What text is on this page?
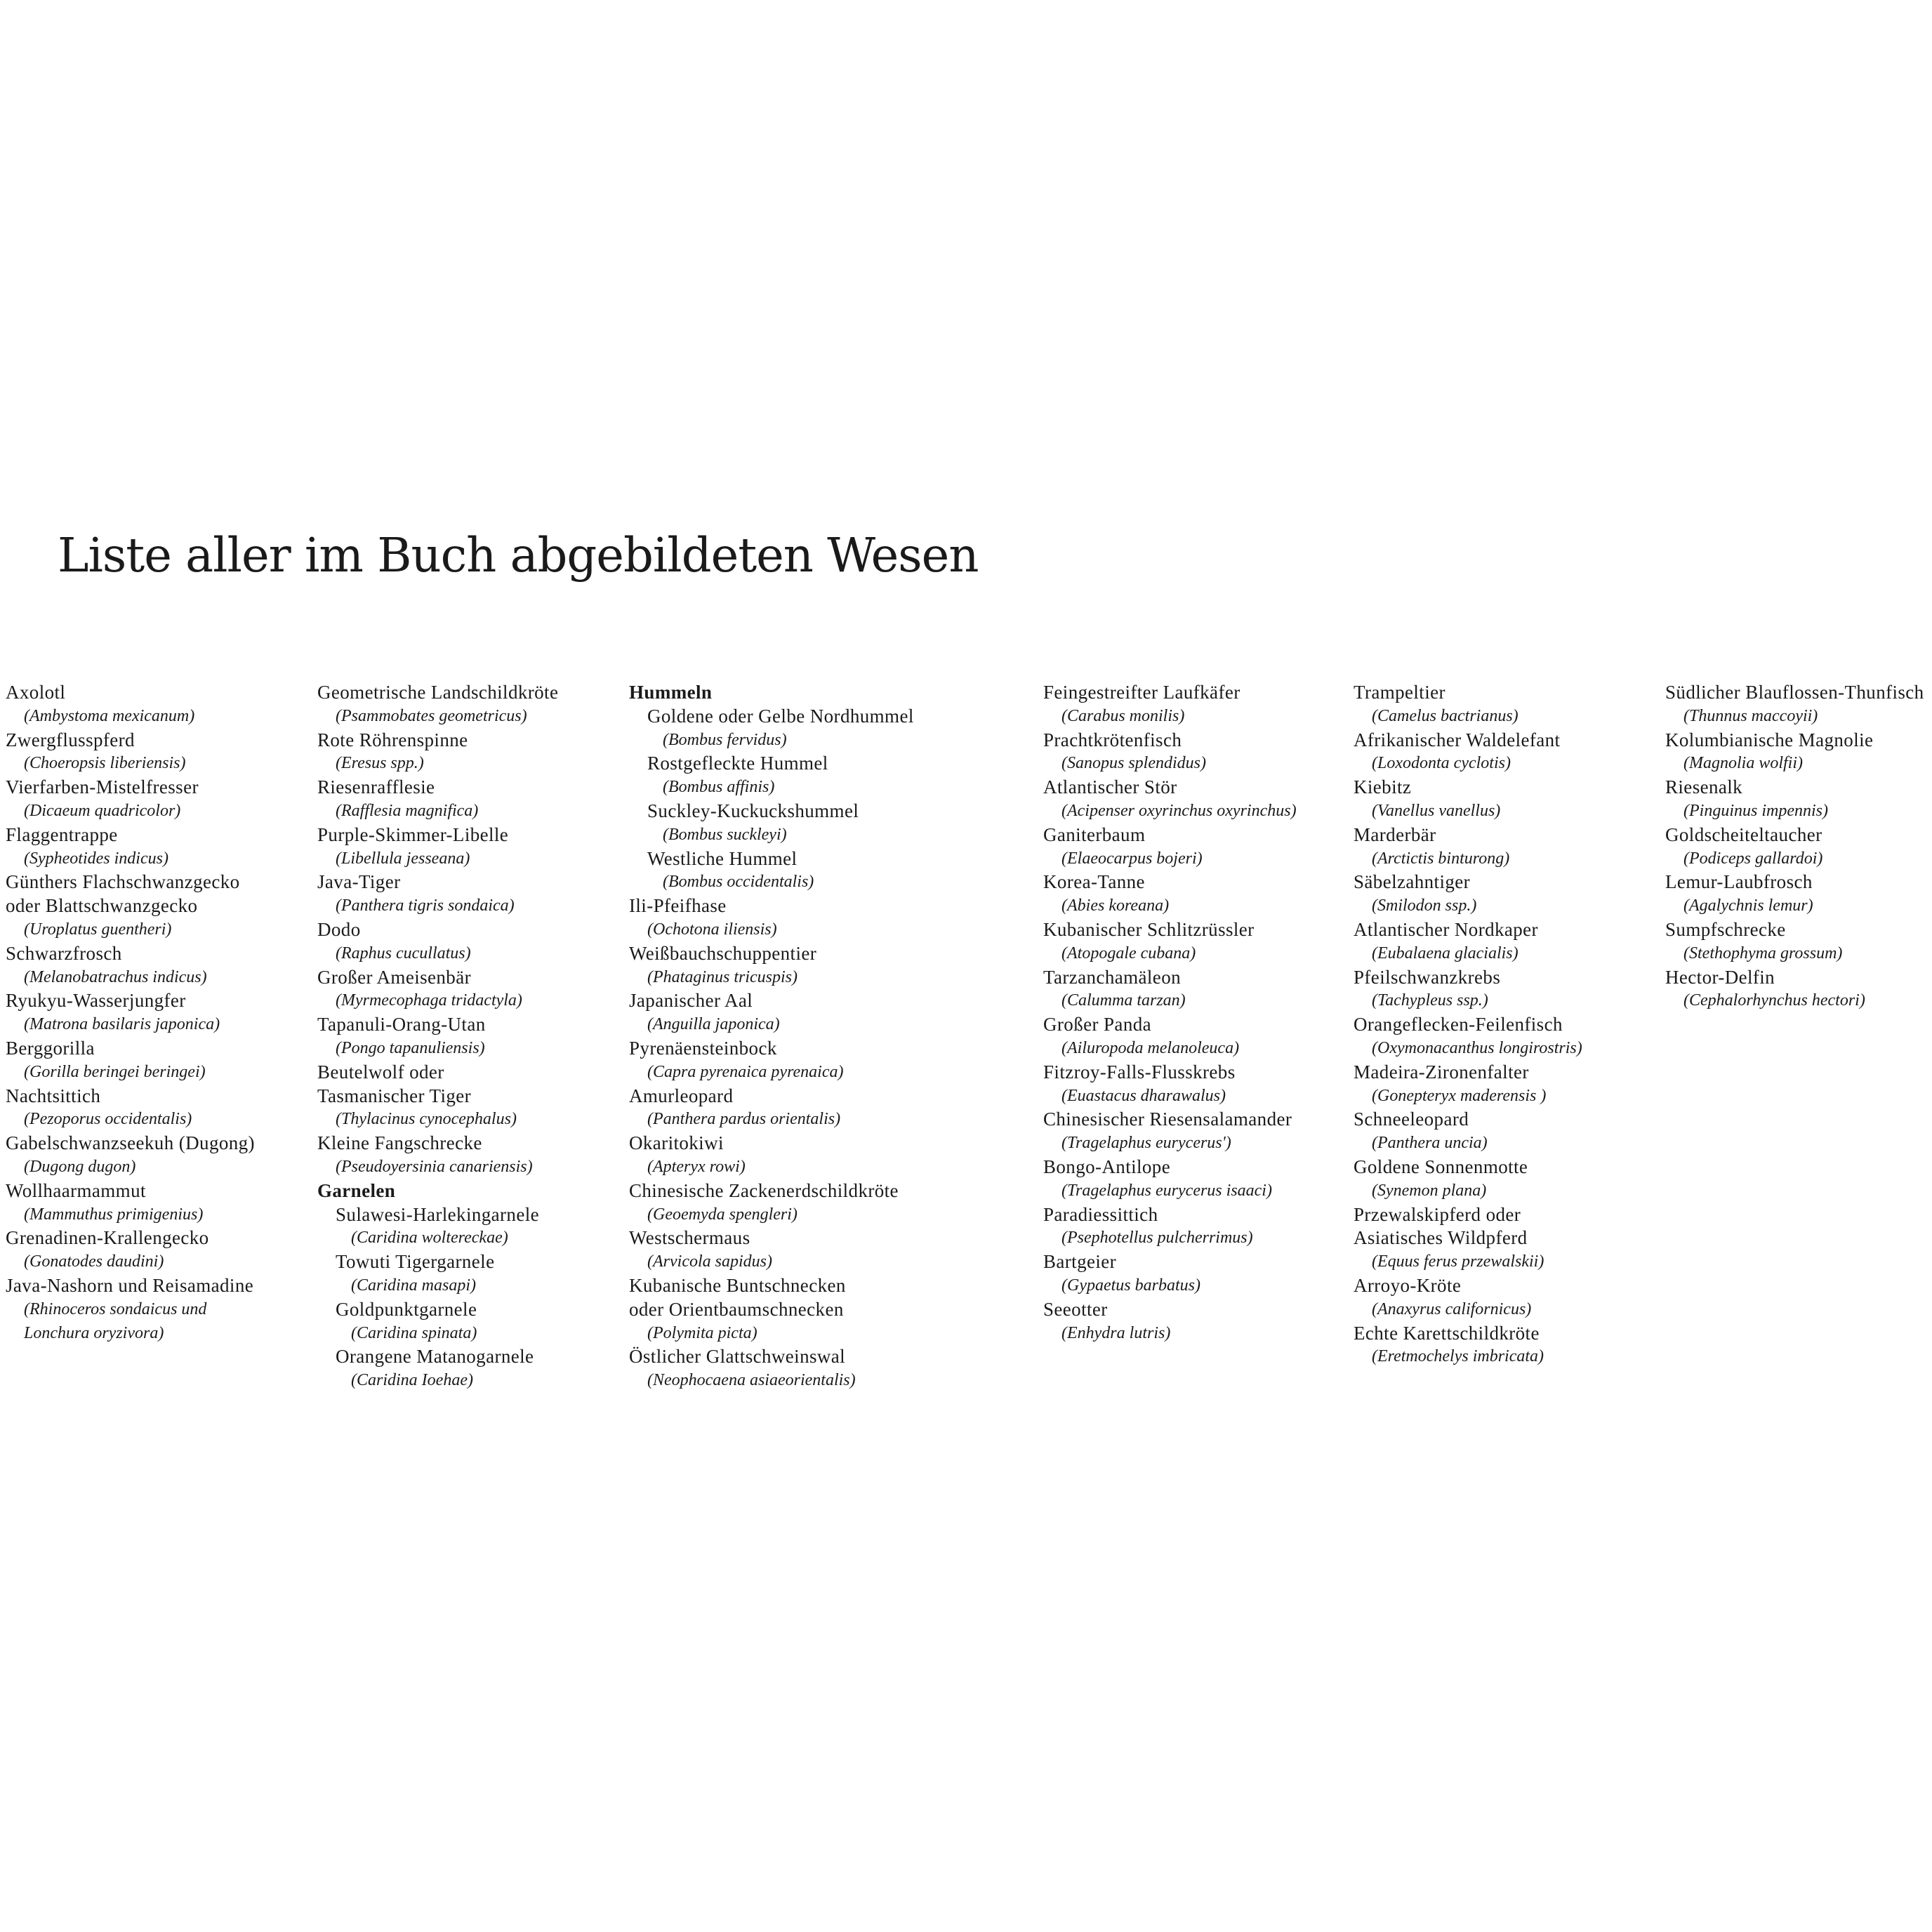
Liste aller im Buch abgebildeten Wesen
Axolotl
(Ambystoma mexicanum)
Zwergflusspferd
(Choeropsis liberiensis)
Vierfarben-Mistelfresser
(Dicaeum quadricolor)
Flaggentrappe
(Sypheotides indicus)
Günthers Flachschwanzgecko
oder Blattschwanzgecko
(Uroplatus guentheri)
Schwarzfrosch
(Melanobatrachus indicus)
Ryukyu-Wasserjungfer
(Matrona basilaris japonica)
Berggorilla
(Gorilla beringei beringei)
Nachtsittich
(Pezoporus occidentalis)
Gabelschwanzseekuh (Dugong)
(Dugong dugon)
Wollhaarmammut
(Mammuthus primigenius)
Grenadinen-Krallengecko
(Gonatodes daudini)
Java-Nashorn und Reisamadine
(Rhinoceros sondaicus und
Lonchura oryzivora)
Geometrische Landschildkröte
(Psammobates geometricus)
Rote Röhrenspinne
(Eresus spp.)
Riesenrafflesie
(Rafflesia magnifica)
Purple-Skimmer-Libelle
(Libellula jesseana)
Java-Tiger
(Panthera tigris sondaica)
Dodo
(Raphus cucullatus)
Großer Ameisenbär
(Myrmecophaga tridactyla)
Tapanuli-Orang-Utan
(Pongo tapanuliensis)
Beutelwolf oder
Tasmanischer Tiger
(Thylacinus cynocephalus)
Kleine Fangschrecke
(Pseudoyersinia canariensis)
Garnelen
Sulawesi-Harlekingarnele
(Caridina woltereckae)
Towuti Tigergarnele
(Caridina masapi)
Goldpunktgarnele
(Caridina spinata)
Orangene Matanogarnele
(Caridina Ioehae)
Hummeln
Goldene oder Gelbe Nordhummel
(Bombus fervidus)
Rostgefleckte Hummel
(Bombus affinis)
Suckley-Kuckuckshummel
(Bombus suckleyi)
Westliche Hummel
(Bombus occidentalis)
Ili-Pfeifhase
(Ochotona iliensis)
Weißbauchschuppentier
(Phataginus tricuspis)
Japanischer Aal
(Anguilla japonica)
Pyrenäensteinbock
(Capra pyrenaica pyrenaica)
Amurleopard
(Panthera pardus orientalis)
Okaritokiwi
(Apteryx rowi)
Chinesische Zackenerdschildkröte
(Geoemyda spengleri)
Westschermaus
(Arvicola sapidus)
Kubanische Buntschnecken
oder Orientbaumschnecken
(Polymita picta)
Östlicher Glattschweinswal
(Neophocaena asiaeorientalis)
Feingestreifter Laufkäfer
(Carabus monilis)
Prachtkrötenfisch
(Sanopus splendidus)
Atlantischer Stör
(Acipenser oxyrinchus oxyrinchus)
Ganiterbaum
(Elaeocarpus bojeri)
Korea-Tanne
(Abies koreana)
Kubanischer Schlitzrüssler
(Atopogale cubana)
Tarzanchamäleon
(Calumma tarzan)
Großer Panda
(Ailuropoda melanoleuca)
Fitzroy-Falls-Flusskrebs
(Euastacus dharawalus)
Chinesischer Riesensalamander
(Tragelaphus eurycerus')
Bongo-Antilope
(Tragelaphus eurycerus isaaci)
Paradiessittich
(Psephotellus pulcherrimus)
Bartgeier
(Gypaetus barbatus)
Seeotter
(Enhydra lutris)
Trampeltier
(Camelus bactrianus)
Afrikanischer Waldelefant
(Loxodonta cyclotis)
Kiebitz
(Vanellus vanellus)
Marderbär
(Arctictis binturong)
Säbelzahntiger
(Smilodon ssp.)
Atlantischer Nordkaper
(Eubalaena glacialis)
Pfeilschwanzkrebs
(Tachypleus ssp.)
Orangeflecken-Feilenfisch
(Oxymonacanthus longirostris)
Madeira-Zironenfalter
(Gonepteryx maderensis )
Schneeleopard
(Panthera uncia)
Goldene Sonnenmotte
(Synemon plana)
Przewalskipferd oder
Asiatisches Wildpferd
(Equus ferus przewalskii)
Arroyo-Kröte
(Anaxyrus californicus)
Echte Karettschildkröte
(Eretmochelys imbricata)
Südlicher Blauflossen-Thunfisch
(Thunnus maccoyii)
Kolumbianische Magnolie
(Magnolia wolfii)
Riesenalk
(Pinguinus impennis)
Goldscheiteltaucher
(Podiceps gallardoi)
Lemur-Laubfrosch
(Agalychnis lemur)
Sumpfschrecke
(Stethophyma grossum)
Hector-Delfin
(Cephalorhynchus hectori)
